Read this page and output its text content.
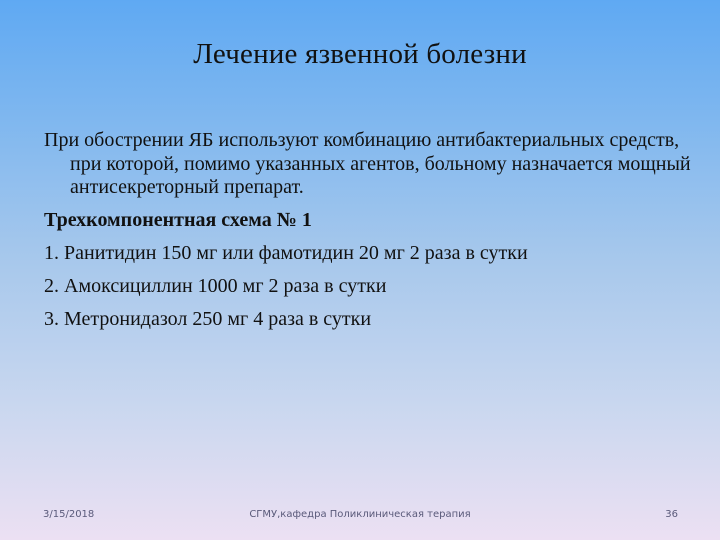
Лечение язвенной болезни

При обострении ЯБ используют комбинацию антибактериальных средств, при которой, помимо указанных агентов, больному назначается мощный антисекреторный препарат.

Трехкомпонентная схема № 1

1. Ранитидин 150 мг или фамотидин 20 мг 2 раза в сутки

2. Амоксициллин 1000 мг 2 раза в сутки

3. Метронидазол 250 мг 4 раза в сутки

3/15/2018	СГМУ,кафедра Поликлиническая терапия	36
